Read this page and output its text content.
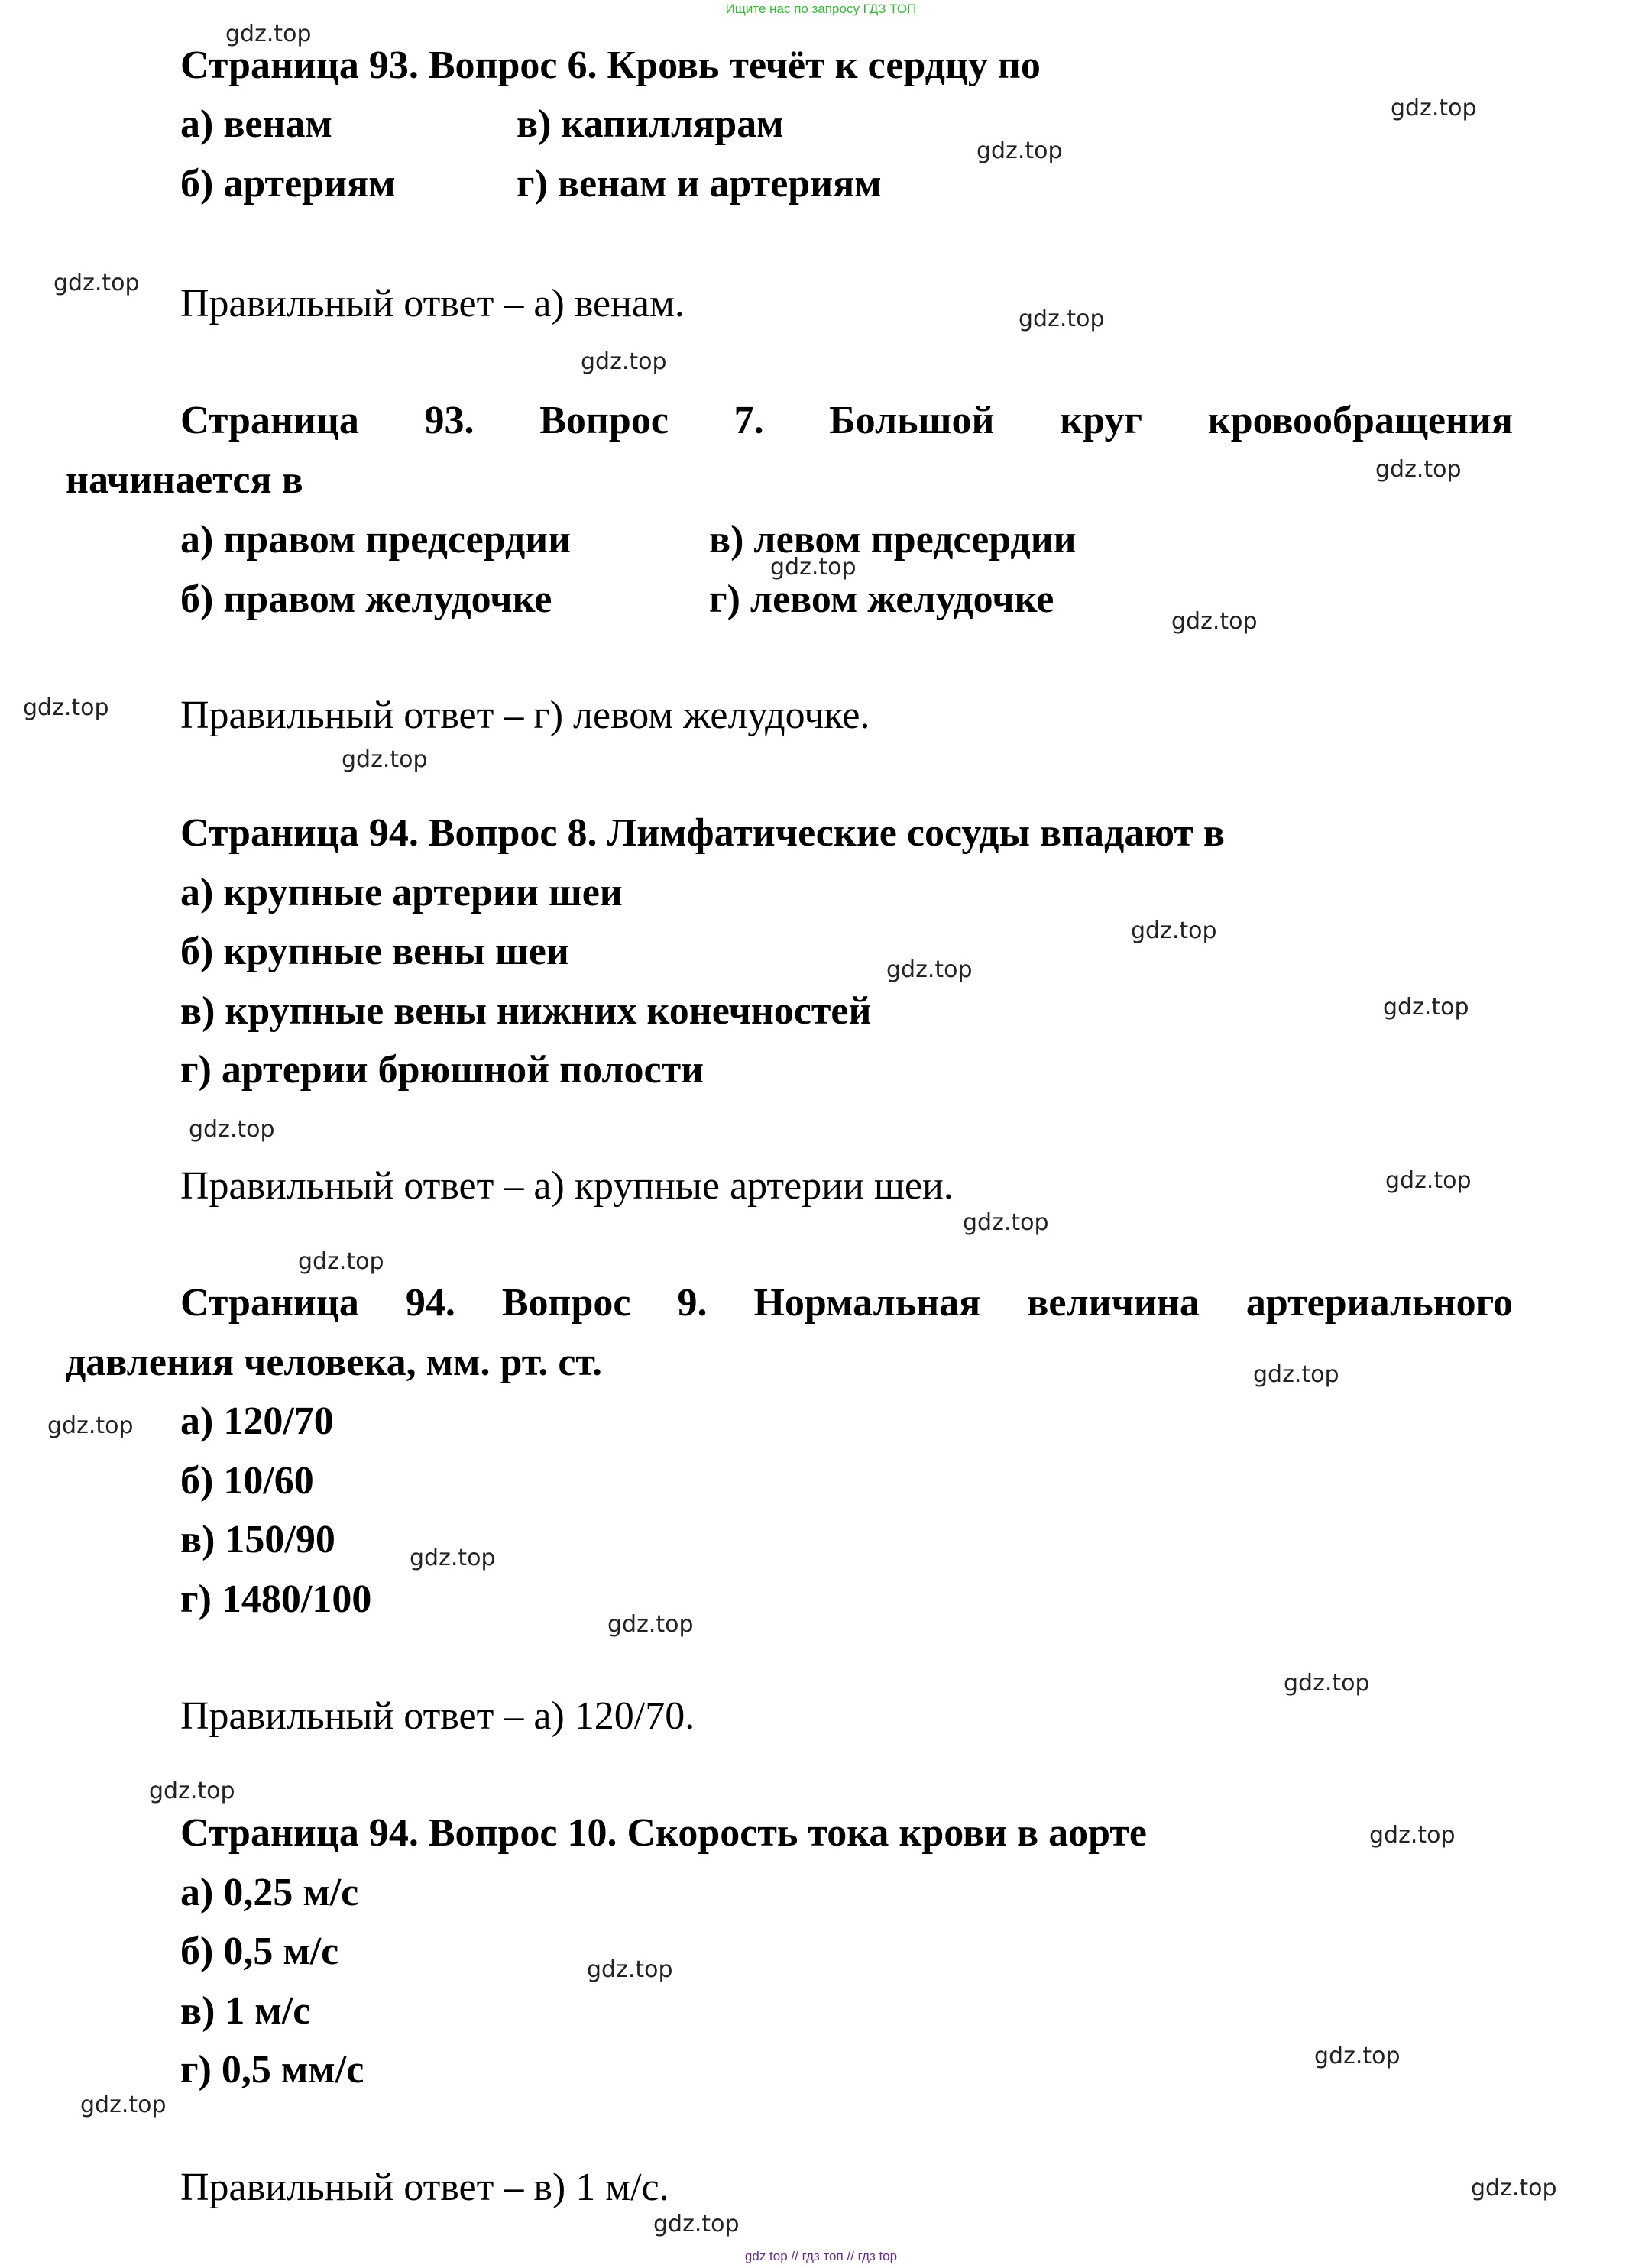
Ищите нас по запросу ГДЗ ТОП
Страница 93. Вопрос 6. Кровь течёт к сердцу по
а) венам	в) капиллярам
б) артериям	г) венам и артериям
Правильный ответ – а) венам.
Страница 93. Вопрос 7. Большой круг кровообращения
начинается в
а) правом предсердии	в) левом предсердии
б) правом желудочке	г) левом желудочке
Правильный ответ – г) левом желудочке.
Страница 94. Вопрос 8. Лимфатические сосуды впадают в
а) крупные артерии шеи
б) крупные вены шеи
в) крупные вены нижних конечностей
г) артерии брюшной полости
Правильный ответ – а) крупные артерии шеи.
Страница 94. Вопрос 9. Нормальная величина артериального
давления человека, мм. рт. ст.
а) 120/70
б) 10/60
в) 150/90
г) 1480/100
Правильный ответ – а) 120/70.
Страница 94. Вопрос 10. Скорость тока крови в аорте
а) 0,25 м/с
б) 0,5 м/с
в) 1 м/с
г) 0,5 мм/с
Правильный ответ – в) 1 м/с.
gdz.top
gdz.top
gdz.top
gdz.top
gdz.top
gdz.top
gdz.top
gdz.top
gdz.top
gdz.top
gdz.top
gdz.top
gdz.top
gdz.top
gdz.top
gdz.top
gdz.top
gdz.top
gdz.top
gdz.top
gdz.top
gdz.top
gdz.top
gdz.top
gdz.top
gdz.top
gdz.top
gdz.top
gdz.top
gdz.top
gdz top // гдз топ // гдз top
